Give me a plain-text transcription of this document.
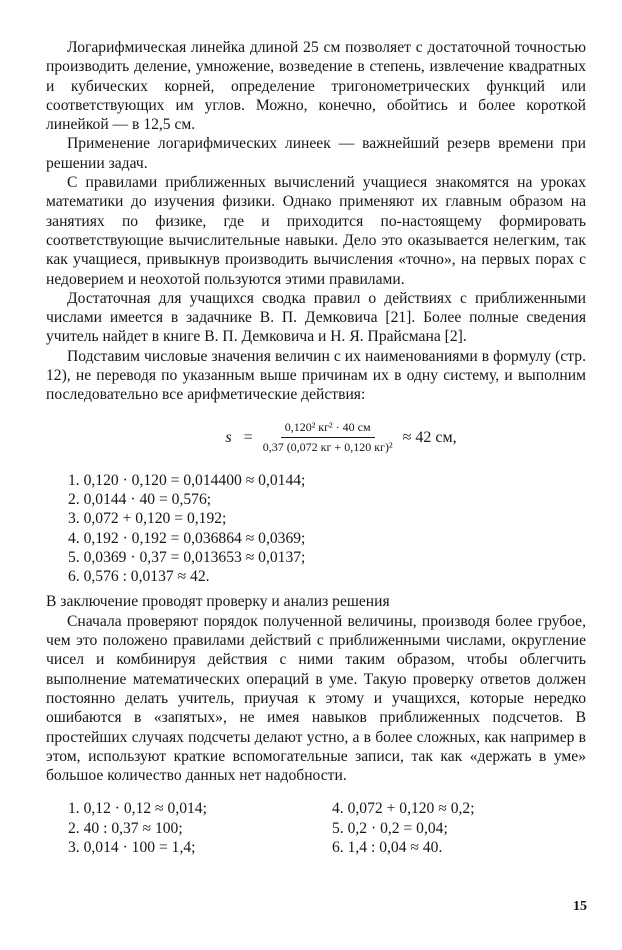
Логарифмическая линейка длиной 25 см позволяет с достаточной точностью производить деление, умножение, возведение в степень, извлечение квадратных и кубических корней, определение тригонометрических функций или соответствующих им углов. Можно, конечно, обойтись и более короткой линейкой — в 12,5 см.

Применение логарифмических линеек — важнейший резерв времени при решении задач.

С правилами приближенных вычислений учащиеся знакомятся на уроках математики до изучения физики. Однако применяют их главным образом на занятиях по физике, где и приходится по-настоящему формировать соответствующие вычислительные навыки. Дело это оказывается нелегким, так как учащиеся, привыкнув производить вычисления «точно», на первых порах с недоверием и неохотой пользуются этими правилами.

Достаточная для учащихся сводка правил о действиях с приближенными числами имеется в задачнике В. П. Демковича [21]. Более полные сведения учитель найдет в книге В. П. Демковича и Н. Я. Прайсмана [2].

Подставим числовые значения величин с их наименованиями в формулу (стр. 12), не переводя по указанным выше причинам их в одну систему, и выполним последовательно все арифметические действия:

$s = \frac{\text{0,120² кг² · 40 см}}{\text{0,37 (0,072 кг + 0,120 кг)²}} \approx 42$ см,
1. 0,120 · 0,120 = 0,014400 ≈ 0,0144;
2. 0,0144 · 40 = 0,576;
3. 0,072 + 0,120 = 0,192;
4. 0,192 · 0,192 = 0,036864 ≈ 0,0369;
5. 0,0369 · 0,37 = 0,013653 ≈ 0,0137;
6. 0,576 : 0,0137 ≈ 42.

В заключение проводят проверку и анализ решения

Сначала проверяют порядок полученной величины, производя более грубое, чем это положено правилами действий с приближенными числами, округление чисел и комбинируя действия с ними таким образом, чтобы облегчить выполнение математических операций в уме. Такую проверку ответов должен постоянно делать учитель, приучая к этому и учащихся, которые нередко ошибаются в «запятых», не имея навыков приближенных подсчетов. В простейших случаях подсчеты делают устно, а в более сложных, как например в этом, используют краткие вспомогательные записи, так как «держать в уме» большое количество данных нет надобности.

1. 0,12 · 0,12 ≈ 0,014;	4. 0,072 + 0,120 ≈ 0,2;
2. 40 : 0,37 ≈ 100;	5. 0,2 · 0,2 = 0,04;
3. 0,014 · 100 = 1,4;	6. 1,4 : 0,04 ≈ 40.
15
